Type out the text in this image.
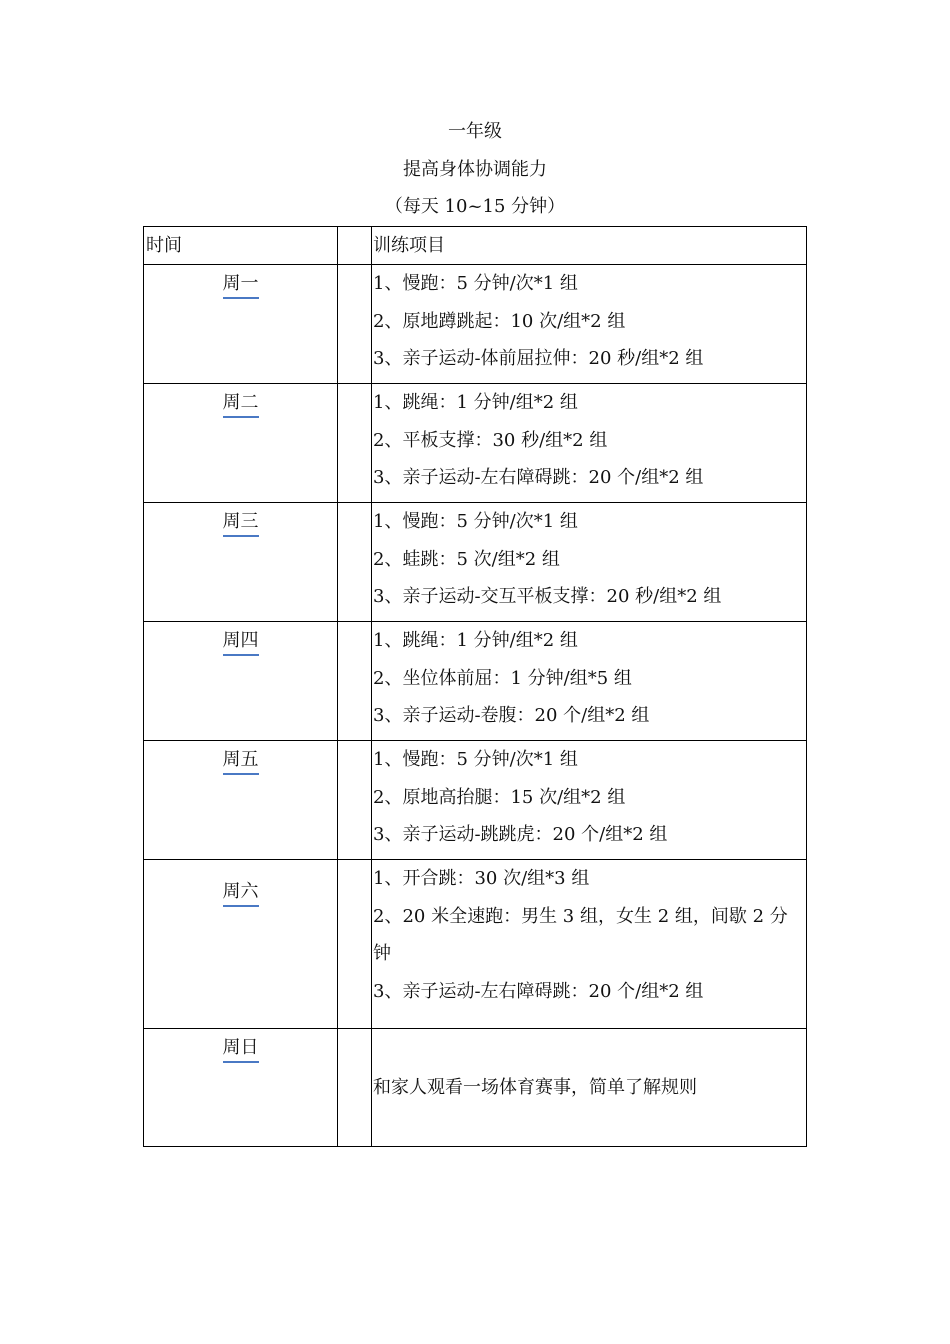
一年级
提高身体协调能力
（每天 10~15 分钟）
时间		训练项目
周一		1、慢跑：5 分钟/次*1 组
2、原地蹲跳起：10 次/组*2 组
3、亲子运动-体前屈拉伸：20 秒/组*2 组

周二		1、跳绳：1 分钟/组*2 组
2、平板支撑：30 秒/组*2 组
3、亲子运动-左右障碍跳：20 个/组*2 组

周三		1、慢跑：5 分钟/次*1 组
2、蛙跳：5 次/组*2 组
3、亲子运动-交互平板支撑：20 秒/组*2 组

周四		1、跳绳：1 分钟/组*2 组
2、坐位体前屈：1 分钟/组*5 组
3、亲子运动-卷腹：20 个/组*2 组

周五		1、慢跑：5 分钟/次*1 组
2、原地高抬腿：15 次/组*2 组
3、亲子运动-跳跳虎：20 个/组*2 组

周六		1、开合跳：30 次/组*3 组
2、20 米全速跑：男生 3 组，女生 2 组，间歇 2 分钟
3、亲子运动-左右障碍跳：20 个/组*2 组

周日		和家人观看一场体育赛事，简单了解规则
